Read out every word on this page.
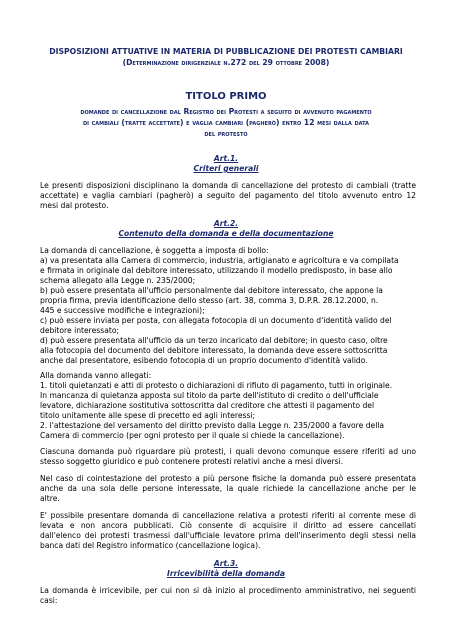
DISPOSIZIONI ATTUATIVE IN MATERIA DI PUBBLICAZIONE DEI PROTESTI CAMBIARI
(Determinazione dirigenziale n.272 del 29 ottobre 2008)
TITOLO PRIMO
domande di cancellazione dal Registro dei Protesti a seguito di avvenuto pagamento
di cambiali (tratte accettate) e vaglia cambiari (pagherò) entro 12 mesi dalla data
del protesto
Art.1.
Criteri generali
Le presenti disposizioni disciplinano la domanda di cancellazione del protesto di cambiali (tratte
accettate) e vaglia cambiari (pagherò) a seguito del pagamento del titolo avvenuto entro 12
mesi dal protesto.
Art.2.
Contenuto della domanda e della documentazione
La domanda di cancellazione, è soggetta a imposta di bollo:
a) va presentata alla Camera di commercio, industria, artigianato e agricoltura e va compilata
e firmata in originale dal debitore interessato, utilizzando il modello predisposto, in base allo
schema allegato alla Legge n. 235/2000;
b) può essere presentata all'ufficio personalmente dal debitore interessato, che appone la
propria firma, previa identificazione dello stesso (art. 38, comma 3, D.P.R. 28.12.2000, n.
445 e successive modifiche e integrazioni);
c) può essere inviata per posta, con allegata fotocopia di un documento d'identità valido del
debitore interessato;
d) può essere presentata all'ufficio da un terzo incaricato dal debitore; in questo caso, oltre
alla fotocopia del documento del debitore interessato, la domanda deve essere sottoscritta
anche dal presentatore, esibendo fotocopia di un proprio documento d'identità valido.
Alla domanda vanno allegati:
1. titoli quietanzati e atti di protesto o dichiarazioni di rifiuto di pagamento, tutti in originale.
In mancanza di quietanza apposta sul titolo da parte dell'istituto di credito o dell'ufficiale
levatore, dichiarazione sostitutiva sottoscritta dal creditore che attesti il pagamento del
titolo unitamente alle spese di precetto ed agli interessi;
2. l'attestazione del versamento del diritto previsto dalla Legge n. 235/2000 a favore della
Camera di commercio (per ogni protesto per il quale si chiede la cancellazione).
Ciascuna domanda può riguardare più protesti, i quali devono comunque essere riferiti ad uno
stesso soggetto giuridico e può contenere protesti relativi anche a mesi diversi.
Nel caso di cointestazione del protesto a più persone fisiche la domanda può essere presentata
anche da una sola delle persone interessate, la quale richiede la cancellazione anche per le
altre.
E' possibile presentare domanda di cancellazione relativa a protesti riferiti al corrente mese di
levata e non ancora pubblicati. Ciò consente di acquisire il diritto ad essere cancellati
dall'elenco dei protesti trasmessi dall'ufficiale levatore prima dell'inserimento degli stessi nella
banca dati del Registro informatico (cancellazione logica).
Art.3.
Irricevibilità della domanda
La domanda è irricevibile, per cui non si dà inizio al procedimento amministrativo, nei seguenti
casi:
